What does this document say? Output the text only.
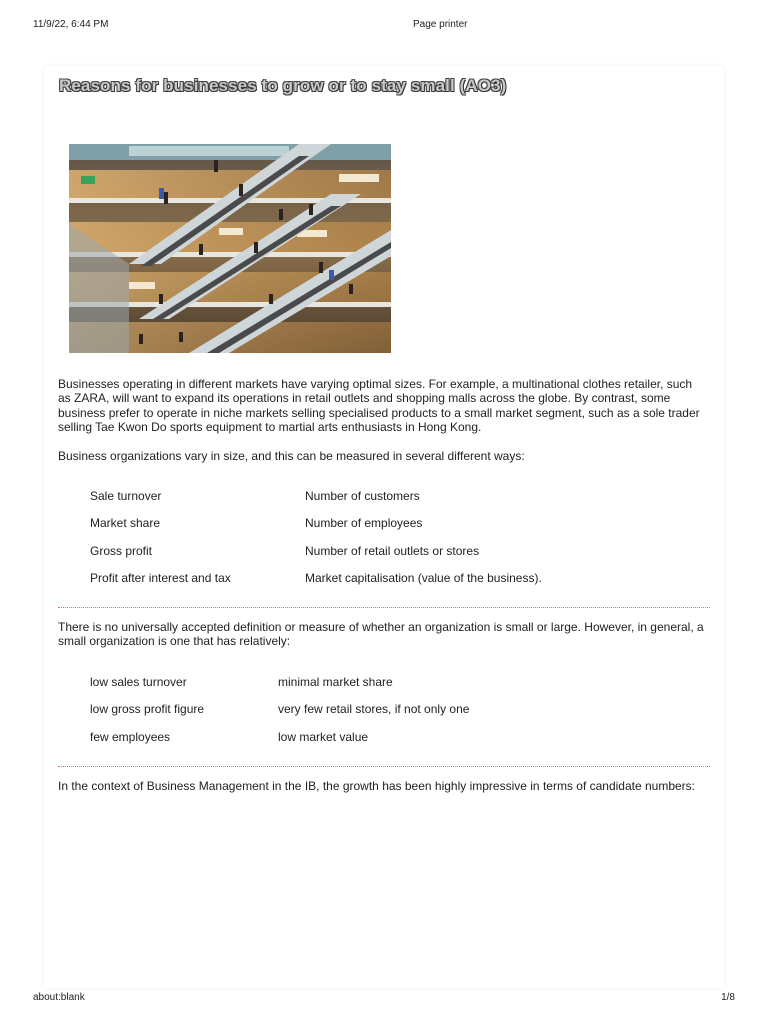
11/9/22, 6:44 PM	Page printer
Reasons for businesses to grow or to stay small (AO3)

Businesses operating in different markets have varying optimal sizes. For example, a multinational clothes retailer, such as ZARA, will want to expand its operations in retail outlets and shopping malls across the globe. By contrast, some business prefer to operate in niche markets selling specialised products to a small market segment, such as a sole trader selling Tae Kwon Do sports equipment to martial arts enthusiasts in Hong Kong.

Business organizations vary in size, and this can be measured in several different ways:

Sale turnover	Number of customers
Market share	Number of employees
Gross profit	Number of retail outlets or stores
Profit after interest and tax	Market capitalisation (value of the business).

There is no universally accepted definition or measure of whether an organization is small or large. However, in general, a small organization is one that has relatively:

low sales turnover	minimal market share
low gross profit figure	very few retail stores, if not only one
few employees	low market value

In the context of Business Management in the IB, the growth has been highly impressive in terms of candidate numbers:

about:blank	1/8
